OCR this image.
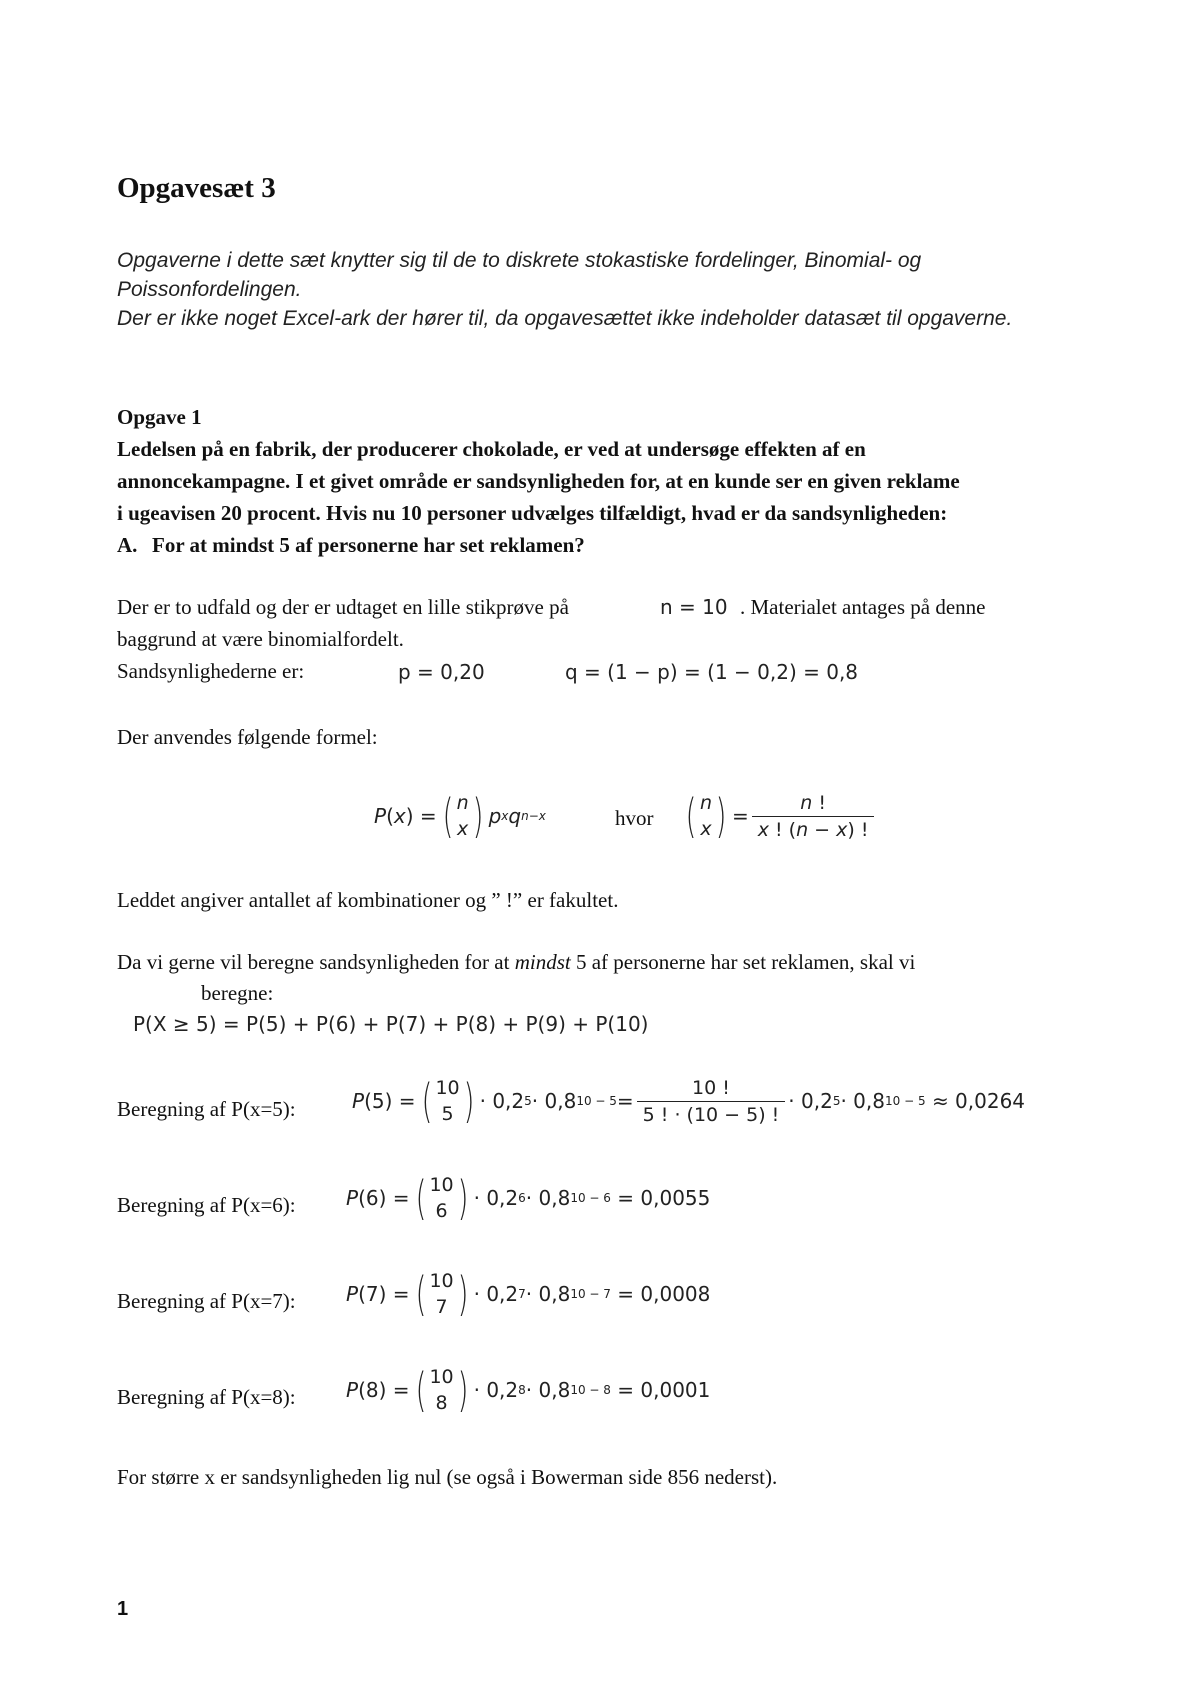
Opgavesæt 3
Opgaverne i dette sæt knytter sig til de to diskrete stokastiske fordelinger, Binomial- og
Poissonfordelingen.
Der er ikke noget Excel-ark der hører til, da opgavesættet ikke indeholder datasæt til opgaverne.
Opgave 1
Ledelsen på en fabrik, der producerer chokolade, er ved at undersøge effekten af en
annoncekampagne. I et givet område er sandsynligheden for, at en kunde ser en given reklame
i ugeavisen 20 procent. Hvis nu 10 personer udvælges tilfældigt, hvad er da sandsynligheden:
A. For at mindst 5 af personerne har set reklamen?
Der er to udfald og der er udtaget en lille stikprøve på	n = 10 . Materialet antages på denne
baggrund at være binomialfordelt.
Sandsynlighederne er:	p = 0,20	q = (1 − p) = (1 − 0,2) = 0,8
Der anvendes følgende formel:
P ( x ) = ( n
x ) p x q n−x	hvor ( n
x ) = $\frac{n !}{x ! (n - x) !}$
Leddet angiver antallet af kombinationer og ” !” er fakultet.
Da vi gerne vil beregne sandsynligheden for at mindst 5 af personerne har set reklamen, skal vi
beregne:
P(X ≥ 5) = P(5) + P(6) + P(7) + P(8) + P(9) + P(10)
Beregning af P(x=5):	P (5) = ( 10
5 ) · 0,2 5 · 0,8 $10 - 5 = \frac{10 !}{5 ! \cdot (10 - 5) !} \cdot 0,2$ 5 · 0,8 10 − 5
≈ 0,0264
Beregning af P(x=6):	P (6) = ( 10
6 ) · 0,2 6 · 0,8 10 − 6
= 0,0055
Beregning af P(x=7):	P (7) = ( 10
7 ) · 0,2 7 · 0,8 10 − 7
= 0,0008
Beregning af P(x=8):	P (8) = ( 10
8 ) · 0,2 8 · 0,8 10 − 8
= 0,0001
For større x er sandsynligheden lig nul (se også i Bowerman side 856 nederst).
1
